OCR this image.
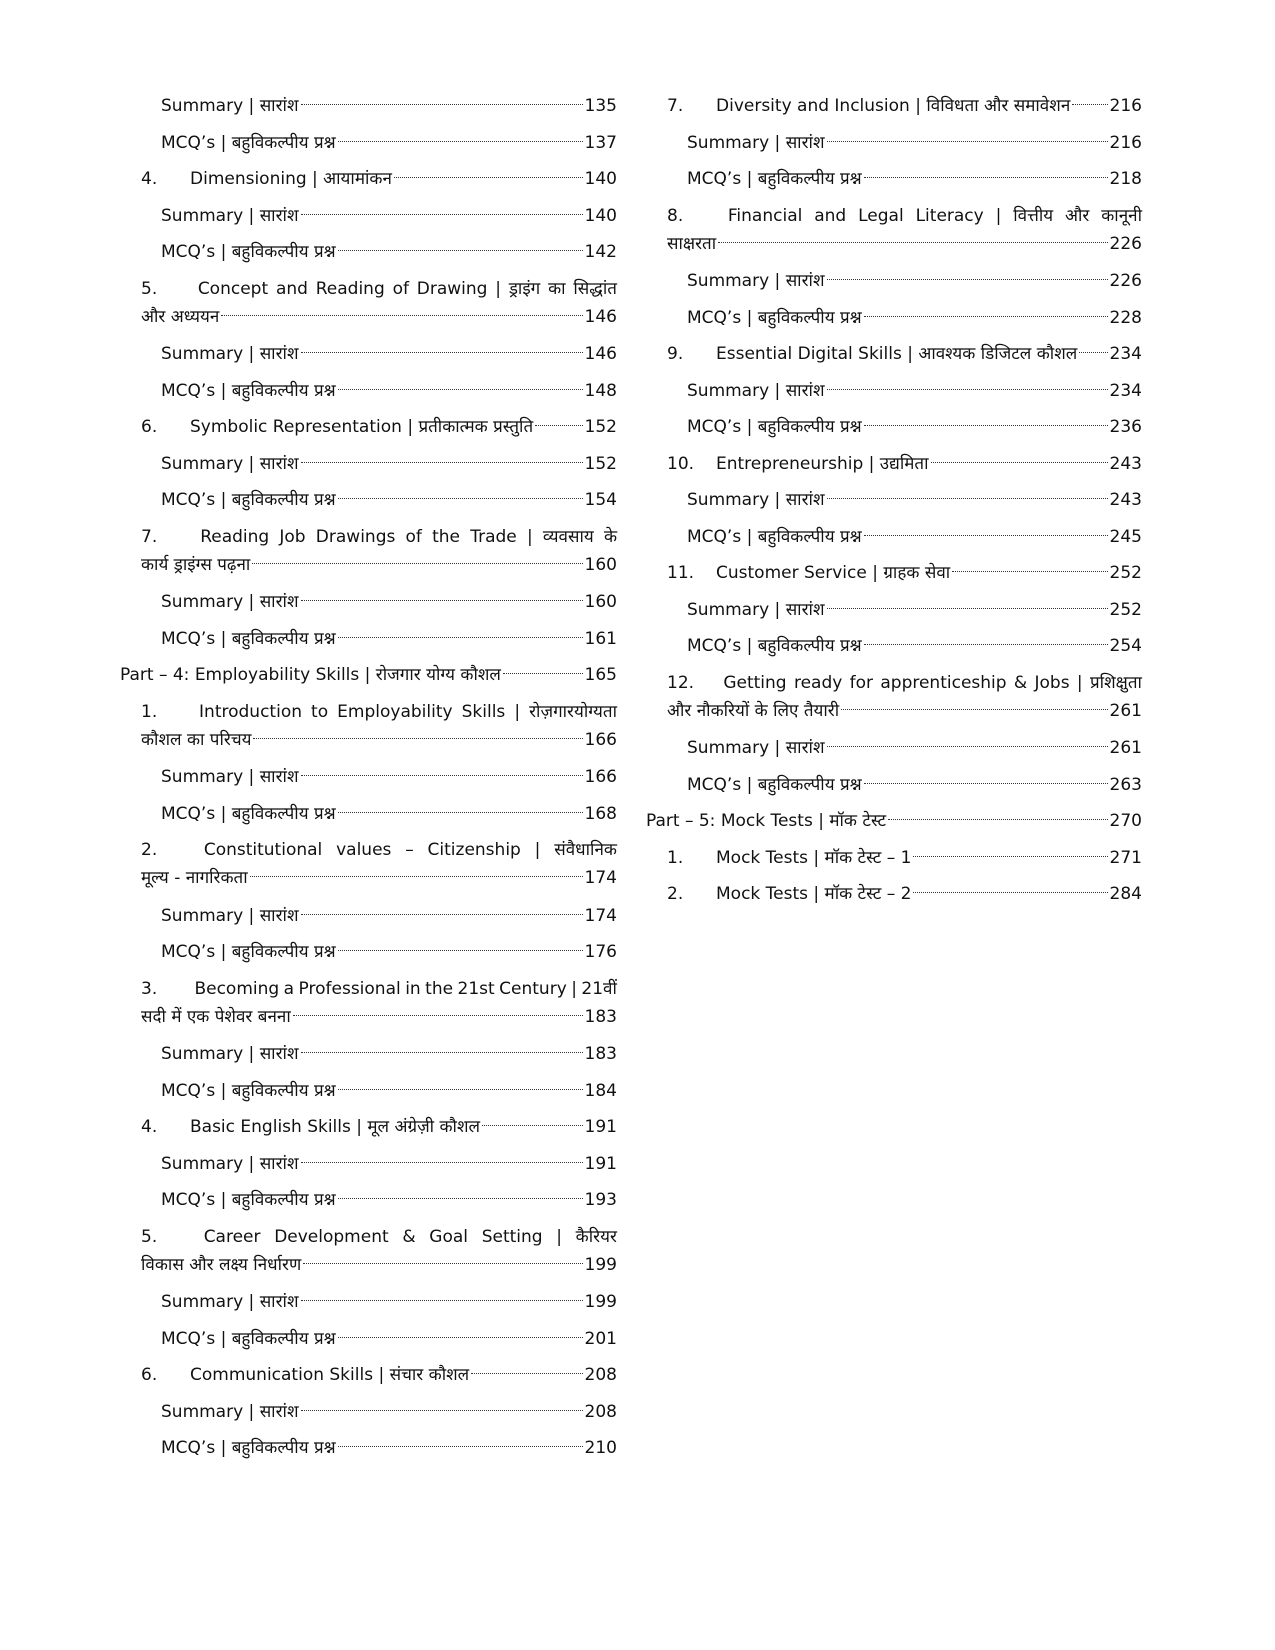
Summary | सारांश	135
MCQ’s | बहुविकल्पीय प्रश्न	137
4. Dimensioning | आयामांकन	140
Summary | सारांश	140
MCQ’s | बहुविकल्पीय प्रश्न	142
5.	Concept and Reading of Drawing | ड्राइंग का सिद्धांत
और अध्ययन	146
Summary | सारांश	146
MCQ’s | बहुविकल्पीय प्रश्न	148
6. Symbolic Representation | प्रतीकात्मक प्रस्तुति	152
Summary | सारांश	152
MCQ’s | बहुविकल्पीय प्रश्न	154
7.	Reading Job Drawings of the Trade | व्यवसाय के
कार्य ड्राइंग्स पढ़ना	160
Summary | सारांश	160
MCQ’s | बहुविकल्पीय प्रश्न	161
Part – 4: Employability Skills | रोजगार योग्य कौशल	165
1.	Introduction to Employability Skills | रोज़गारयोग्यता
कौशल का परिचय	166
Summary | सारांश	166
MCQ’s | बहुविकल्पीय प्रश्न	168
2.	Constitutional values – Citizenship | संवैधानिक
मूल्य - नागरिकता	174
Summary | सारांश	174
MCQ’s | बहुविकल्पीय प्रश्न	176
3.	Becoming a Professional in the 21st Century | 21वीं
सदी में एक पेशेवर बनना	183
Summary | सारांश	183
MCQ’s | बहुविकल्पीय प्रश्न	184
4. Basic English Skills | मूल अंग्रेज़ी कौशल	191
Summary | सारांश	191
MCQ’s | बहुविकल्पीय प्रश्न	193
5.	Career Development & Goal Setting | कैरियर
विकास और लक्ष्य निर्धारण	199
Summary | सारांश	199
MCQ’s | बहुविकल्पीय प्रश्न	201
6. Communication Skills | संचार कौशल	208
Summary | सारांश	208
MCQ’s | बहुविकल्पीय प्रश्न	210
7. Diversity and Inclusion | विविधता और समावेशन 216
Summary | सारांश	216
MCQ’s | बहुविकल्पीय प्रश्न	218
8.	Financial and Legal Literacy | वित्तीय और कानूनी
साक्षरता	226
Summary | सारांश	226
MCQ’s | बहुविकल्पीय प्रश्न	228
9. Essential Digital Skills | आवश्यक डिजिटल कौशल 234
Summary | सारांश	234
MCQ’s | बहुविकल्पीय प्रश्न	236
10. Entrepreneurship | उद्यमिता	243
Summary | सारांश	243
MCQ’s | बहुविकल्पीय प्रश्न	245
11. Customer Service | ग्राहक सेवा	252
Summary | सारांश	252
MCQ’s | बहुविकल्पीय प्रश्न	254
12.	Getting ready for apprenticeship & Jobs | प्रशिक्षुता
और नौकरियों के लिए तैयारी	261
Summary | सारांश	261
MCQ’s | बहुविकल्पीय प्रश्न	263
Part – 5: Mock Tests | मॉक टेस्ट	270
1. Mock Tests | मॉक टेस्ट – 1	271
2. Mock Tests | मॉक टेस्ट – 2	284
